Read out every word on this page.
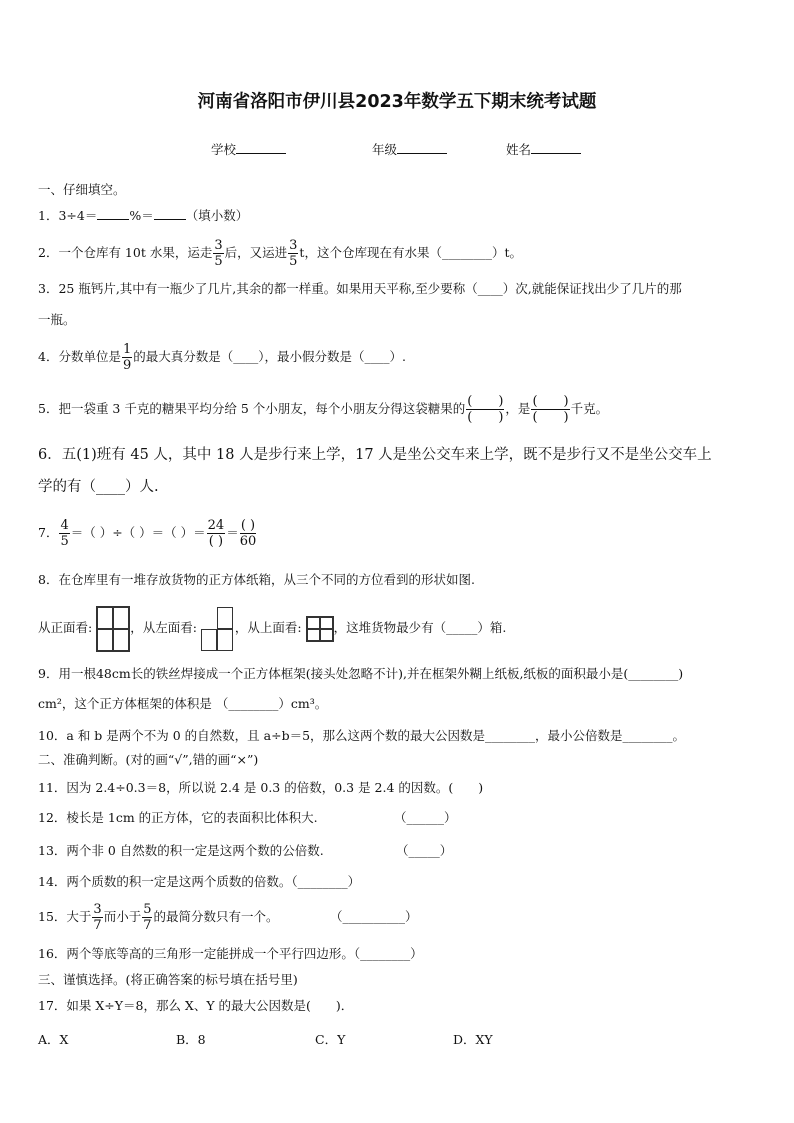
河南省洛阳市伊川县2023年数学五下期末统考试题
学校	年级	姓名
一、仔细填空。
1．3÷4＝	%＝	（填小数）
2．一个仓库有 10t 水果，运走 $\frac{3}{5}$ 后，又运进 $\frac{3}{5}$ t，这个仓库现在有水果（________）t。
3．25 瓶钙片,其中有一瓶少了几片,其余的都一样重。如果用天平称,至少要称（____）次,就能保证找出少了几片的那
一瓶。
4．分数单位是 $\frac{1}{9}$ 的最大真分数是（____），最小假分数是（____）.
5．把一袋重 3 千克的糖果平均分给 5 个小朋友，每个小朋友分得这袋糖果的 $\frac{( )}{( )}$ ，是 $\frac{( )}{( )}$ 千克。
6．五(1)班有 45 人，其中 18 人是步行来上学，17 人是坐公交车来上学，既不是步行又不是坐公交车上
学的有（____）人.
7． $\frac{4}{5}$ ＝（ ）÷（ ）＝（ ）＝ $\frac{24}{( )} = \frac{( )}{60}$
8．在仓库里有一堆存放货物的正方体纸箱，从三个不同的方位看到的形状如图.
从正面看:	，从左面看:	，从上面看:	，这堆货物最少有（_____）箱.
9．用一根48cm长的铁丝焊接成一个正方体框架(接头处忽略不计),并在框架外糊上纸板,纸板的面积最小是(________)
cm²，这个正方体框架的体积是 （________）cm³。
10．a 和 b 是两个不为 0 的自然数，且 a÷b＝5，那么这两个数的最大公因数是________，最小公倍数是________。
二、准确判断。(对的画“√”,错的画“×”)
11．因为 2.4÷0.3＝8，所以说 2.4 是 0.3 的倍数，0.3 是 2.4 的因数。(　　)
12．棱长是 1cm 的正方体，它的表面积比体积大.	（______）
13．两个非 0 自然数的积一定是这两个数的公倍数.	（_____）
14．两个质数的积一定是这两个质数的倍数。（________）
15．大于 $\frac{3}{7}$ 而小于 $\frac{5}{7}$ 的最简分数只有一个。	（__________）
16．两个等底等高的三角形一定能拼成一个平行四边形。（________）
三、谨慎选择。(将正确答案的标号填在括号里)
17．如果 X÷Y＝8，那么 X、Y 的最大公因数是(　　)．
A．X	B．8	C．Y	D．XY
